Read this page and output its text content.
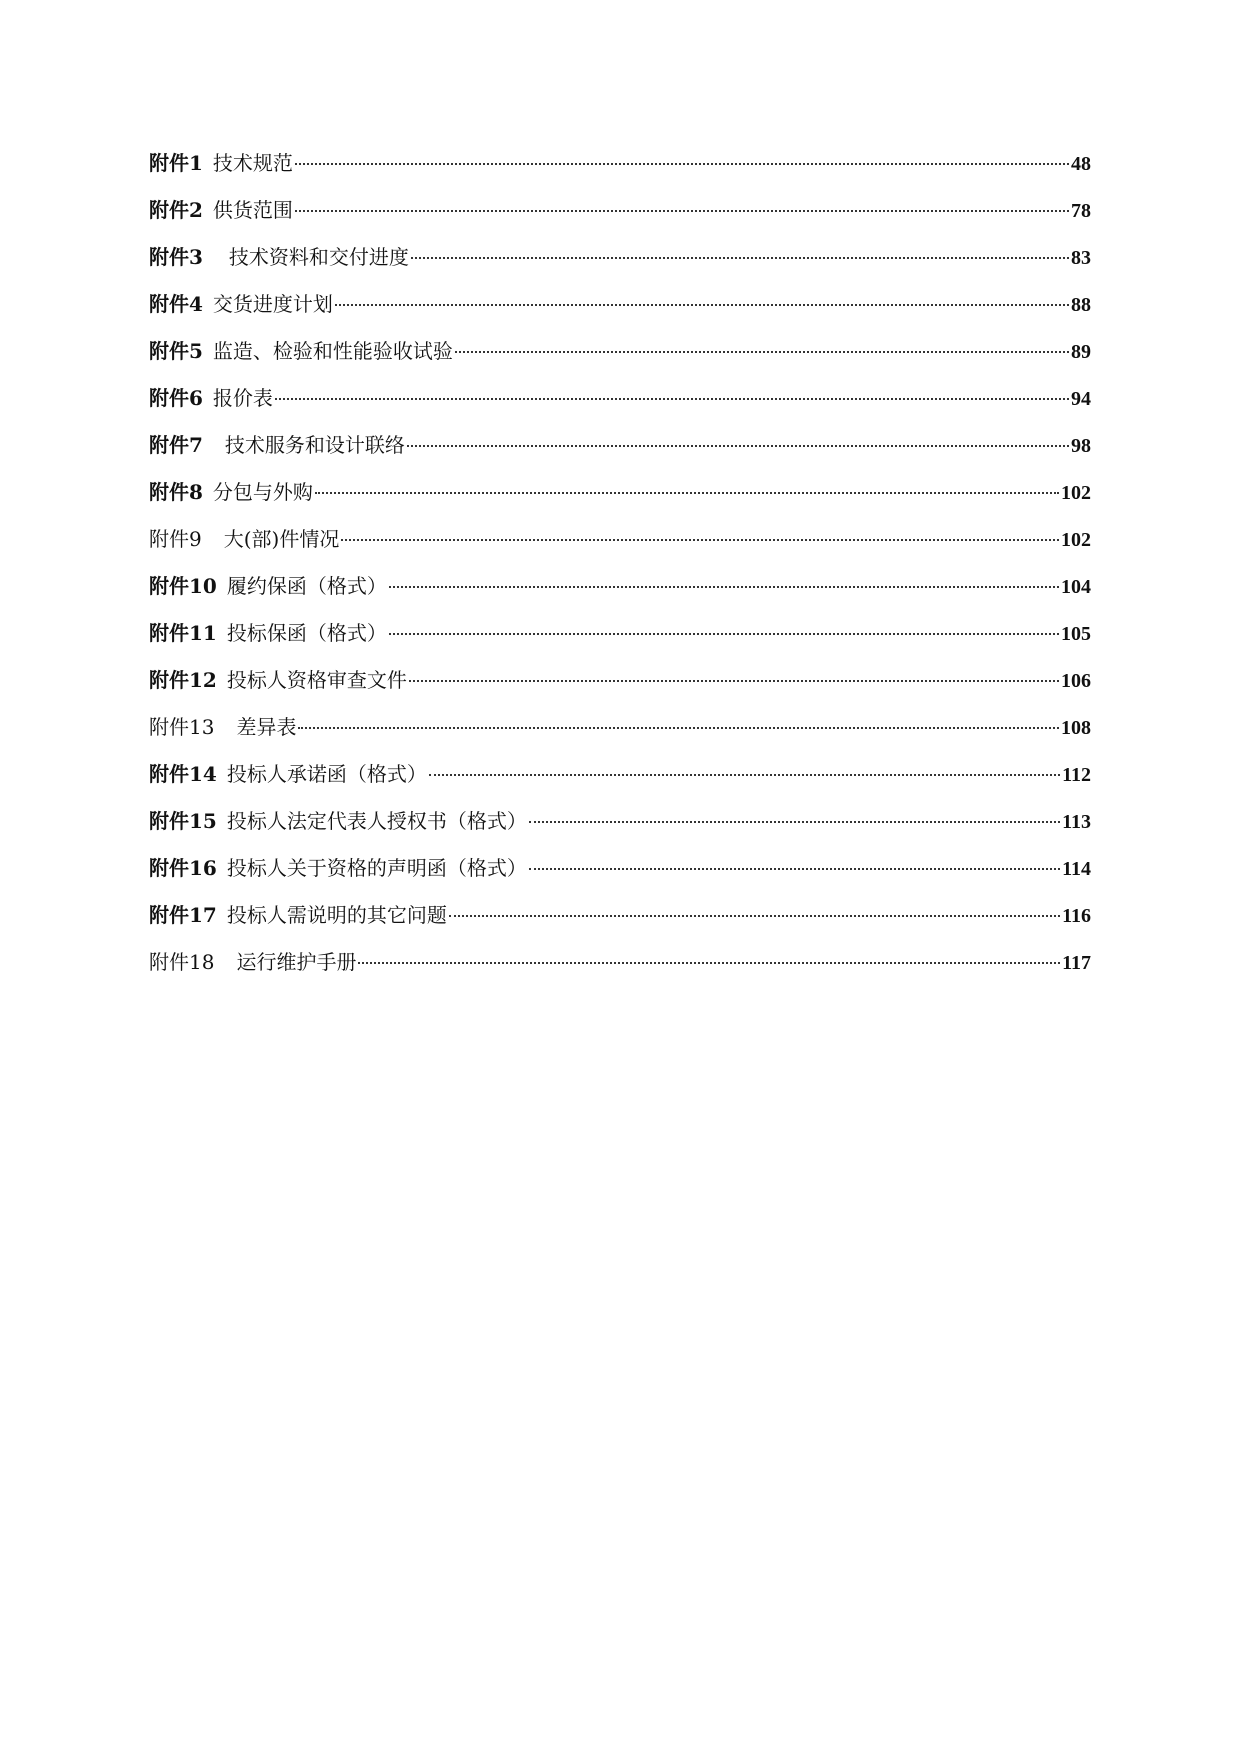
附件1 技术规范	48
附件2 供货范围	78
附件3 技术资料和交付进度	83
附件4 交货进度计划	88
附件5 监造、检验和性能验收试验	89
附件6 报价表	94
附件7 技术服务和设计联络	98
附件8 分包与外购	102
附件9 大(部)件情况	102
附件10 履约保函（格式）	104
附件11 投标保函（格式）	105
附件12 投标人资格审查文件	106
附件13 差异表	108
附件14 投标人承诺函（格式）	112
附件15 投标人法定代表人授权书（格式）	113
附件16 投标人关于资格的声明函（格式）	114
附件17 投标人需说明的其它问题	116
附件18 运行维护手册	117
